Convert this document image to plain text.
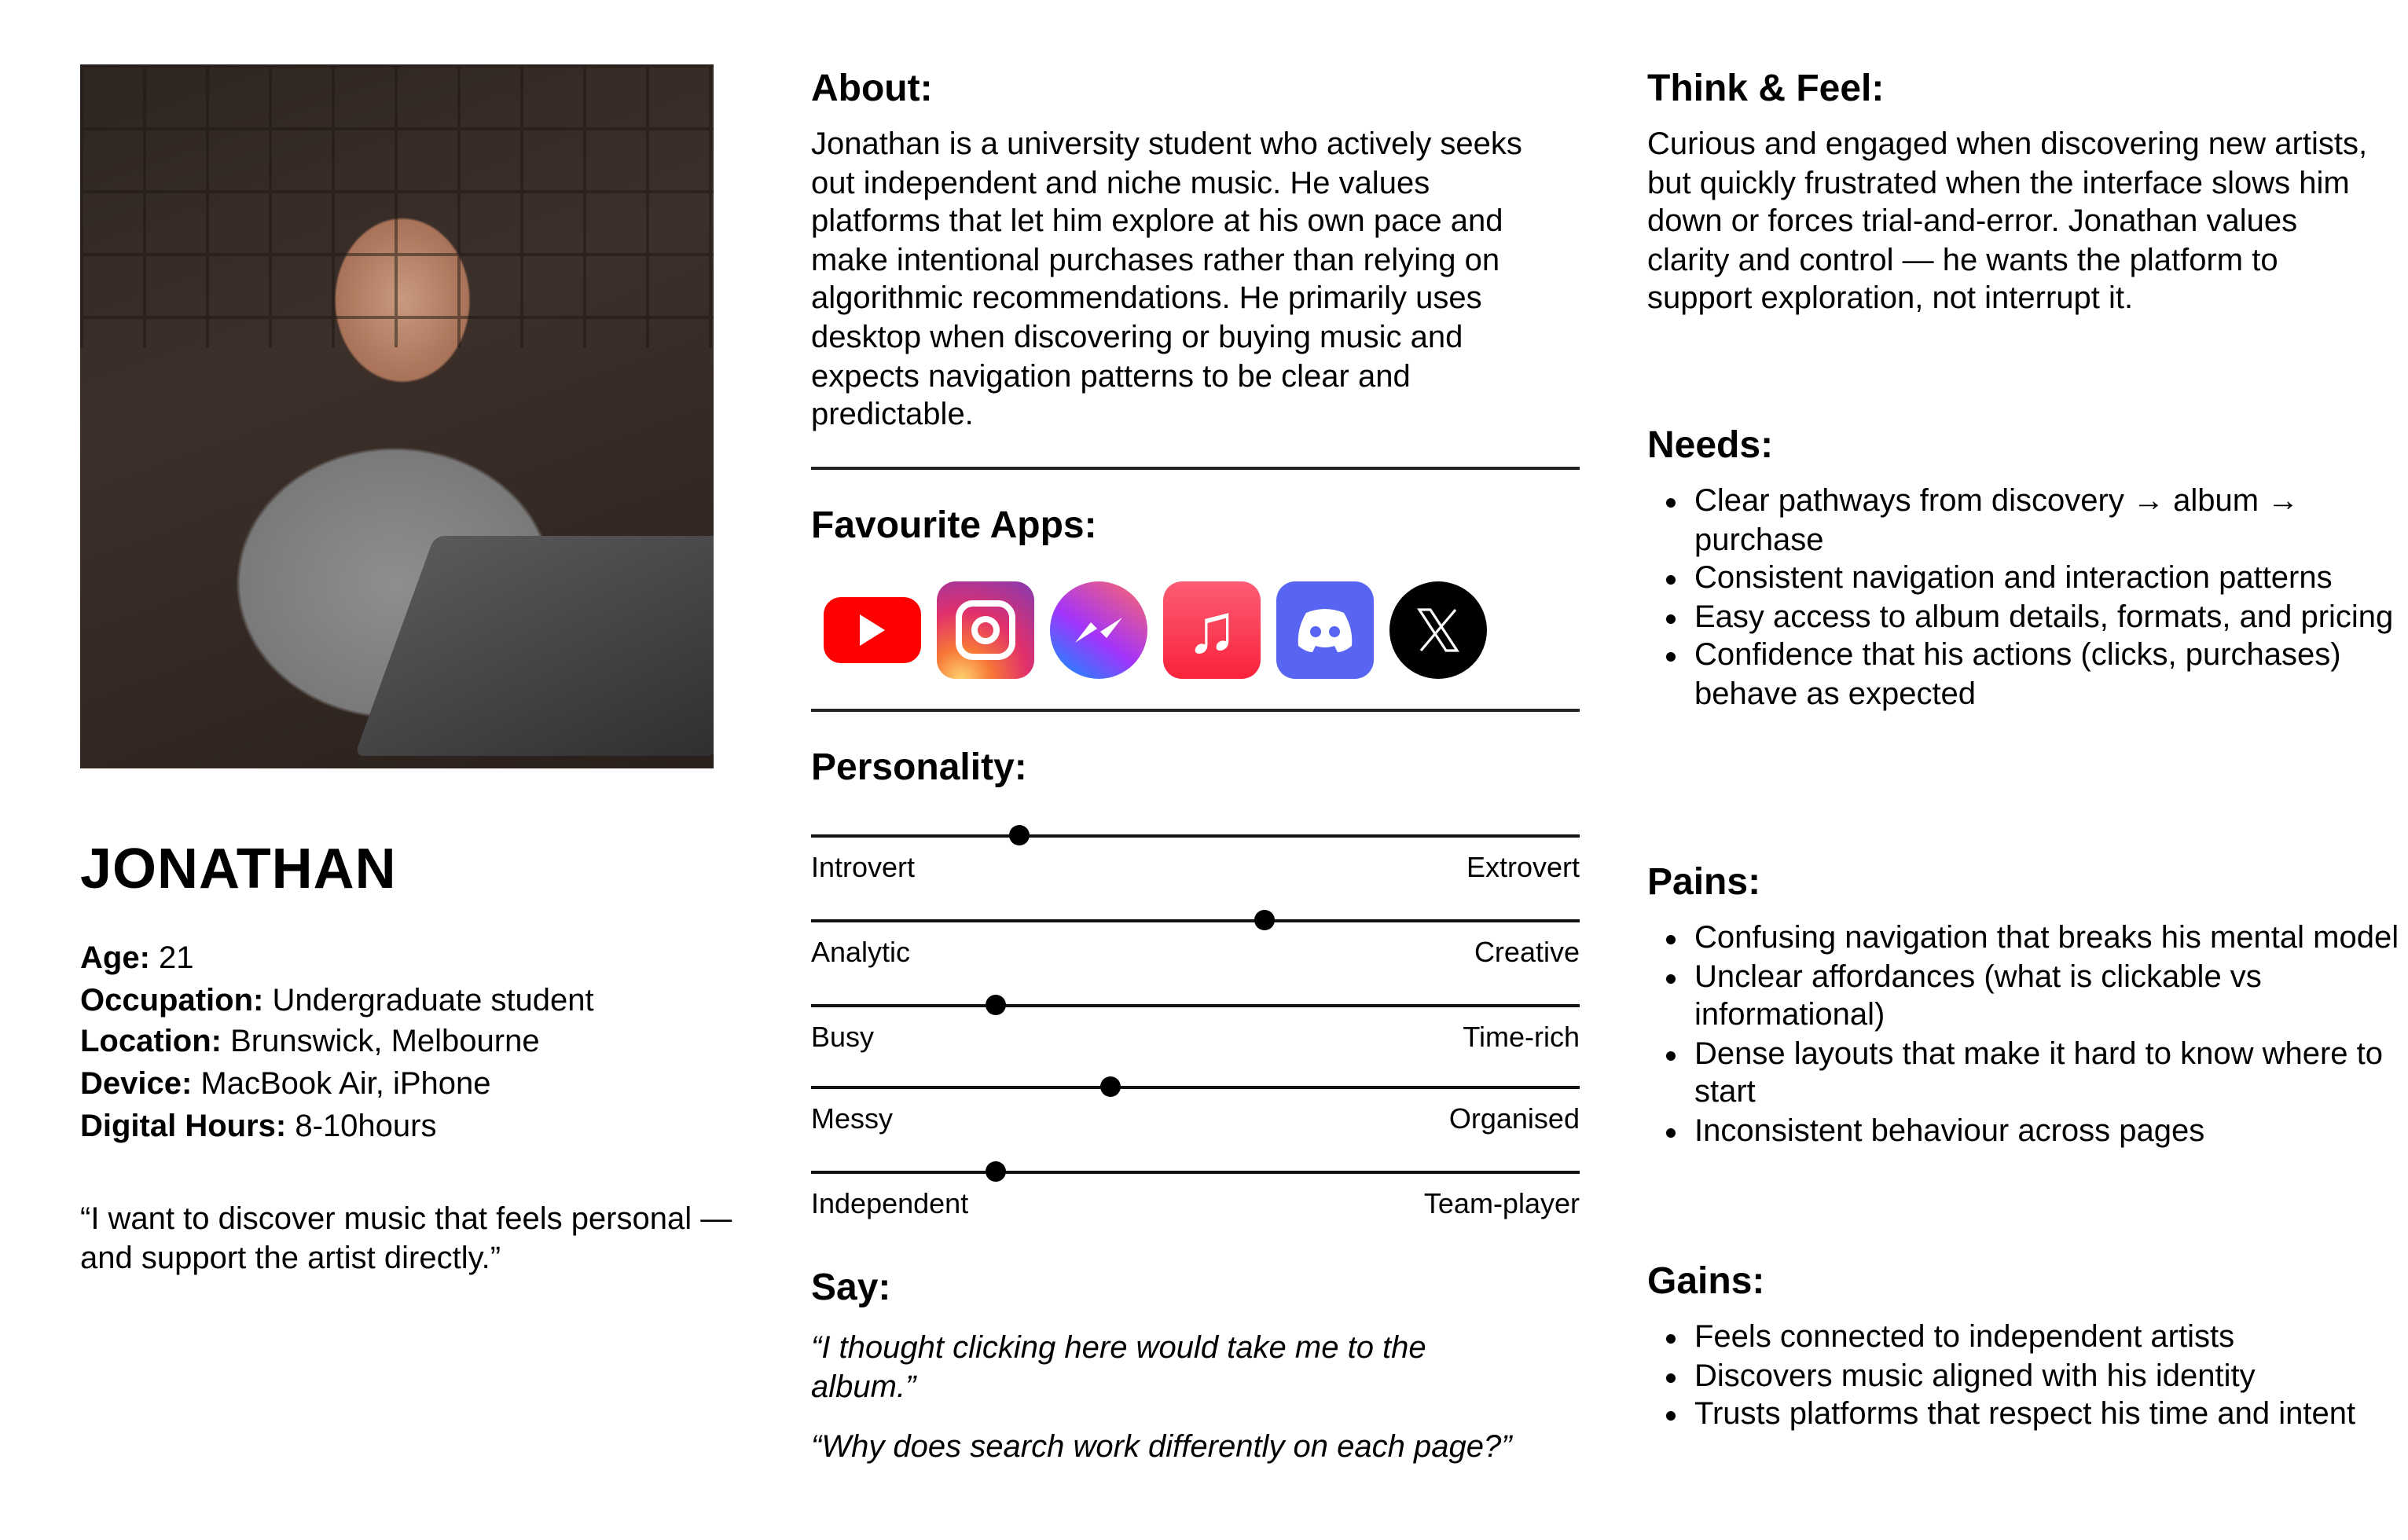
JONATHAN
Age: 21
Occupation: Undergraduate student
Location: Brunswick, Melbourne
Device: MacBook Air, iPhone
Digital Hours: 8-10hours
“I want to discover music that feels personal — and support the artist directly.”
About:
Jonathan is a university student who actively seeks out independent and niche music. He values platforms that let him explore at his own pace and make intentional purchases rather than relying on algorithmic recommendations. He primarily uses desktop when discovering or buying music and expects navigation patterns to be clear and predictable.
Favourite Apps:
♫
Personality:
Introvert	Extrovert
Analytic	Creative
Busy	Time-rich
Messy	Organised
Independent	Team-player
Say:
“I thought clicking here would take me to the album.”
“Why does search work differently on each page?”
Think & Feel:
Curious and engaged when discovering new artists, but quickly frustrated when the interface slows him down or forces trial-and-error. Jonathan values clarity and control — he wants the platform to support exploration, not interrupt it.
Needs:
• Clear pathways from discovery → album → purchase
• Consistent navigation and interaction patterns
• Easy access to album details, formats, and pricing
• Confidence that his actions (clicks, purchases) behave as expected
Pains:
• Confusing navigation that breaks his mental model
• Unclear affordances (what is clickable vs informational)
• Dense layouts that make it hard to know where to start
• Inconsistent behaviour across pages
Gains:
• Feels connected to independent artists
• Discovers music aligned with his identity
• Trusts platforms that respect his time and intent
